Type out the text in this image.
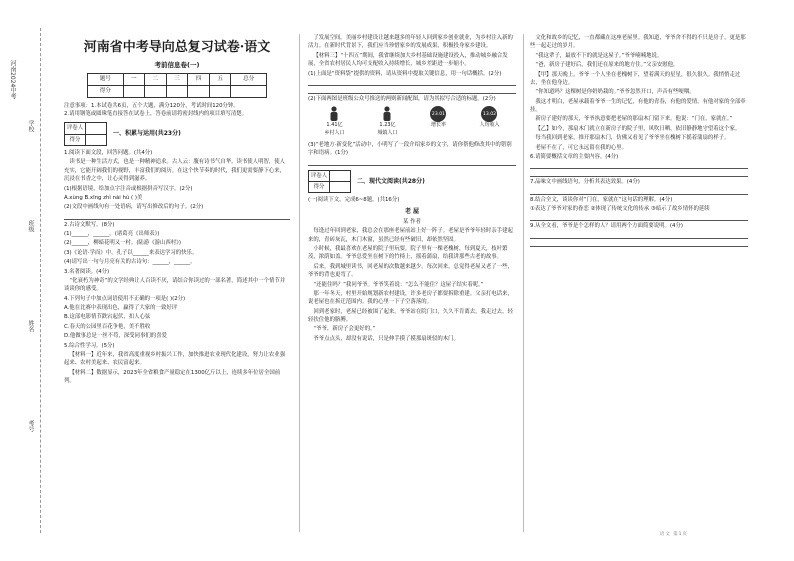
河南2024中考
学校
班级
姓名
考号
河南省中考导向总复习试卷·语文
考前信息卷(一)
题号	一	二	三	四	五	总分
得分						

注意事项：1.本试卷共6页，五个大题，满分120分，考试时间120分钟。

2.请用钢笔或圆珠笔直接答在试卷上，答卷前请将密封线内的项目填写清楚。

评卷人	
得分	
一、积累与运用(共23分)

1.阅读下面文段，回答问题。(共4分)

读书是一种生活方式，也是一种精神追求。古人云：腹有诗书气自华。读书使人明智，使人充实，它能开阔我们的视野，丰富我们的阅历。在这个快节奏的时代，我们更需要静下心来，沉浸在书香之中，让心灵得到滋养。

(1)根据语境，给加点字注音或根据拼音写汉字。(2分)

A.xùnɡ B.xīnɡ zhì nài hú ( )美

(2)文段中画线句有一处语病，请写出修改后的句子。(2分)

2.古诗文默写。(8分)

(1)______，______。(诸葛亮《出师表》)

(2)______，柳暗花明又一村。(陆游《游山西村》)

(3)《论语·学而》中，孔子以______来表达学习的快乐。

(4)请写出一句与月亮有关的古诗句：______，______。

3.名著阅读。(4分)

“化衰朽为神奇”的文学经典让人百读不厌，请结合你读过的一部名著，简述其中一个情节并谈谈你的感受。

4.下列句子中加点词语使用不正确的一项是( )(2分)

A.他在比赛中表现出色，赢得了大家的一致好评

B.这部电影情节跌宕起伏，扣人心弦

C.春天的公园里百花争艳，美不胜收

D.他做事总是一丝不苟，深受同事们的喜爱

5.综合性学习。(5分)

【材料一】近年来，我省高度重视乡村振兴工作，加快推进农业现代化建设，努力让农业强起来、农村美起来、农民富起来。

【材料二】数据显示，2023年全省粮食产量稳定在1300亿斤以上，连续多年位居全国前列。

了发展空间。美丽乡村建设让越来越多的年轻人回到家乡创业就业，为乡村注入新的活力。在新时代背景下，我们应当珍惜家乡的发展成果，积极投身家乡建设。

【材料三】“十四五”期间，我省继续加大乡村基础设施建设投入，推动城乡融合发展，全省农村居民人均可支配收入持续增长，城乡差距进一步缩小。

(1)上面是“资料袋”提供的资料，请从资料中提取关键信息，用一句话概括。(2分)

(2)下面两图是班级公众号推送的两则新闻配图，请为其拟写合适的标题。(2分)

1.41亿
乡村人口
1.23亿
城镇人口
23.01
增长率
13.02
人均收入

(3)“老地方·新变化”活动中，小明写了一段介绍家乡的文字，请你帮他修改其中的错别字和语病。(1分)

评卷人	
得分	
二、现代文阅读(共28分)

(一)阅读下文，完成6~8题。(共16分)

老 屋

某 作者

每逢过年回到老家，我总会在那座老屋前站上好一阵子。老屋是爷爷年轻时亲手建起来的，青砖灰瓦，木门木窗，虽然已经有些破旧，却依然坚固。

小时候，我最喜欢在老屋的院子里玩耍。院子里有一棵老槐树，每到夏天，枝叶繁茂，浓荫如盖。爷爷总爱坐在树下的竹椅上，摇着蒲扇，给我讲那些古老的故事。

后来，我到城里读书，回老屋的次数越来越少。每次回来，总觉得老屋又老了一些，爷爷的背也更弯了。

“还能住吗？”我问爷爷。爷爷笑着说：“怎么不能住？这屋子结实着呢。”

那一年冬天，村里开始规划新农村建设，许多老房子都要拆除重建。父亲打电话来，说老屋也在拆迁范围内。我的心里一下子空落落的。

回到老家时，老屋已经被围了起来。爷爷站在院门口，久久不肯离去。我走过去，轻轻扶住他的胳膊。

“爷爷，新房子会更好的。”

爷爷点点头，却没有说话，只是伸手摸了摸那扇斑驳的木门。

文化和故乡的记忆，一直都藏在这座老屋里。我知道，爷爷舍不得的不只是房子，更是那些一起走过的岁月。

“我这辈子，最放不下的就是这屋子。”爷爷喃喃地说。

“爸，新房子建好后，我们还在原来的地方住。”父亲安慰他。

【甲】那天晚上，爷爷一个人坐在老槐树下，望着满天的星星，很久很久。我悄悄走过去，坐在他身边。

“你知道吗？这棵树是你奶奶栽的。”爷爷忽然开口，声音有些哽咽。

我这才明白，老屋承载着爷爷一生的记忆，有他的青春，有他的爱情，有他对家的全部牵挂。

新房子建好的那天，爷爷执意要把老屋的那扇木门留下来。他说：“门在，家就在。”

【乙】如今，那扇木门就立在新房子的院子里，风吹日晒，依旧静静地守望着这个家。

每当我回到老家，推开那扇木门，仿佛又看见了爷爷坐在槐树下摇着蒲扇的样子。

老屋不在了，可它永远留在我的心里。

6.请简要概括文章的主要内容。(4分)

7.品味文中画线语句，分析其表达效果。(4分)

8.结合全文，谈谈你对“门在，家就在”这句话的理解。(4分)

①表达了爷爷对家的眷恋 ②体现了传统文化的传承 ③暗示了故乡情怀的延续

9.从全文看，爷爷是个怎样的人？请用两个方面简要说明。(4分)

语文 第1页
